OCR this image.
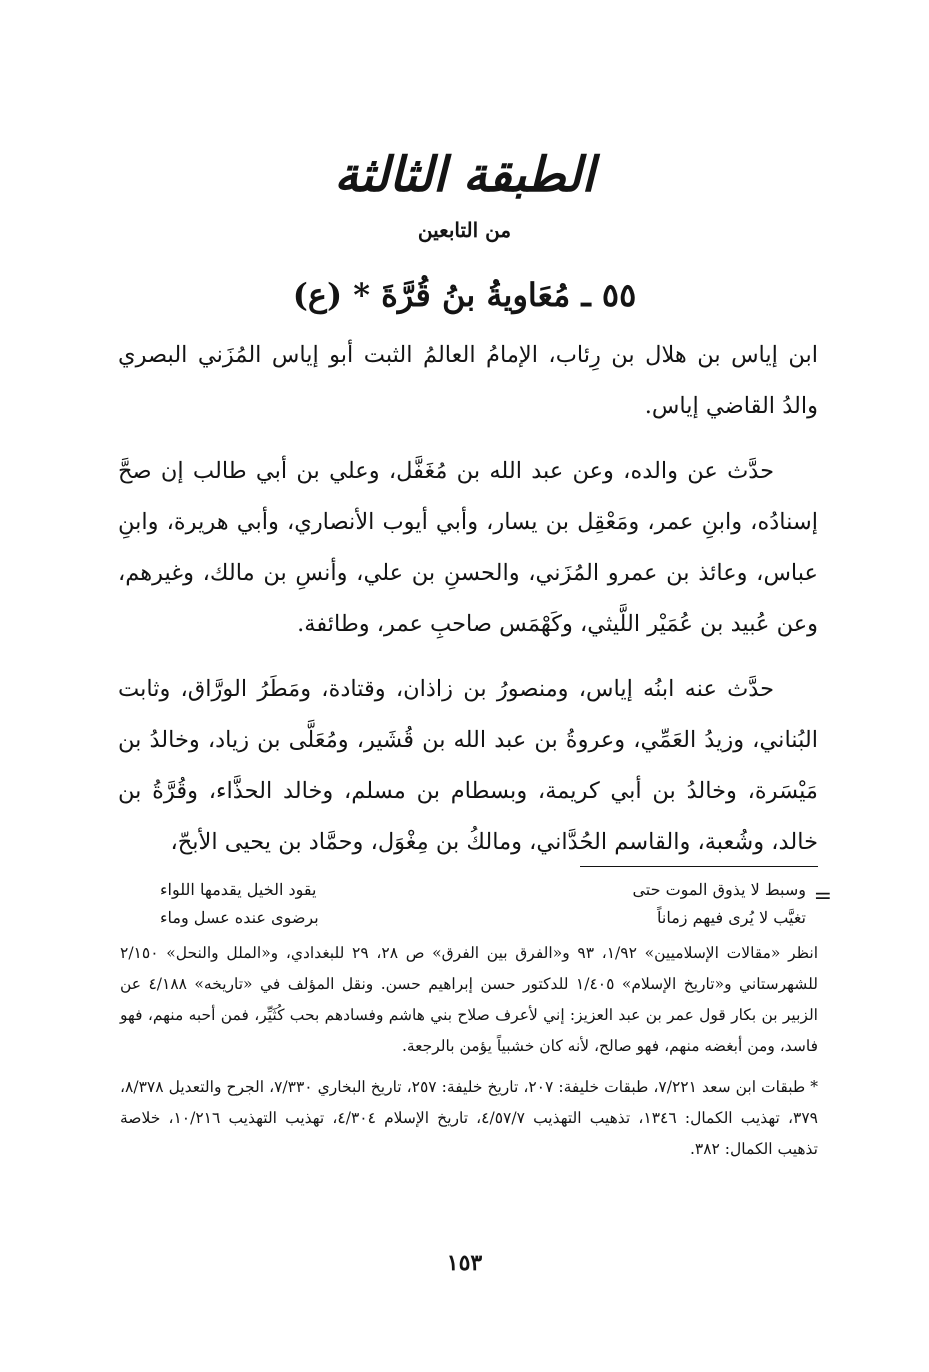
الطبقة الثالثة
من التابعين
٥٥ ـ مُعَاويةُ بنُ قُرَّةَ * (ع)

ابن إياس بن هلال بن رِئاب، الإمامُ العالمُ الثبت أبو إياس المُزَني البصري والدُ القاضي إياس.

حدَّث عن والده، وعن عبد الله بن مُغَفَّل، وعلي بن أبي طالب إن صحَّ إسنادُه، وابنِ عمر، ومَعْقِل بن يسار، وأبي أيوب الأنصاري، وأبي هريرة، وابنِ عباس، وعائذ بن عمرو المُزَني، والحسنِ بن علي، وأنسِ بن مالك، وغيرهم، وعن عُبيد بن عُمَيْر اللَّيثي، وكَهْمَس صاحبِ عمر، وطائفة.

حدَّث عنه ابنُه إياس، ومنصورُ بن زاذان، وقتادة، ومَطَرُ الورَّاق، وثابت البُناني، وزيدُ العَمِّي، وعروةُ بن عبد الله بن قُشَير، ومُعَلَّى بن زياد، وخالدُ بن مَيْسَرة، وخالدُ بن أبي كريمة، وبسطام بن مسلم، وخالد الحذَّاء، وقُرَّةُ بن خالد، وشُعبة، والقاسم الحُدَّاني، ومالكُ بن مِغْوَل، وحمَّاد بن يحيى الأبحّ،

=
وسبط لا يذوق الموت حتى
يقود الخيل يقدمها اللواء
تغيَّب لا يُرى فيهم زماناً
برضوى عنده عسل وماء

انظر «مقالات الإسلاميين» ١/٩٢، ٩٣ و«الفرق بين الفرق» ص ٢٨، ٢٩ للبغدادي، و«الملل والنحل» ٢/١٥٠ للشهرستاني و«تاريخ الإسلام» ١/٤٠٥ للدكتور حسن إبراهيم حسن. ونقل المؤلف في «تاريخه» ٤/١٨٨ عن الزبير بن بكار قول عمر بن عبد العزيز: إني لأعرف صلاح بني هاشم وفسادهم بحب كُثَيِّر، فمن أحبه منهم، فهو فاسد، ومن أبغضه منهم، فهو صالح، لأنه كان خشبياً يؤمن بالرجعة.

* طبقات ابن سعد ٧/٢٢١، طبقات خليفة: ٢٠٧، تاريخ خليفة: ٢٥٧، تاريخ البخاري ٧/٣٣٠، الجرح والتعديل ٨/٣٧٨، ٣٧٩، تهذيب الكمال: ١٣٤٦، تذهيب التهذيب ٤/٥٧/٧، تاريخ الإسلام ٤/٣٠٤، تهذيب التهذيب ١٠/٢١٦، خلاصة تذهيب الكمال: ٣٨٢.

١٥٣
